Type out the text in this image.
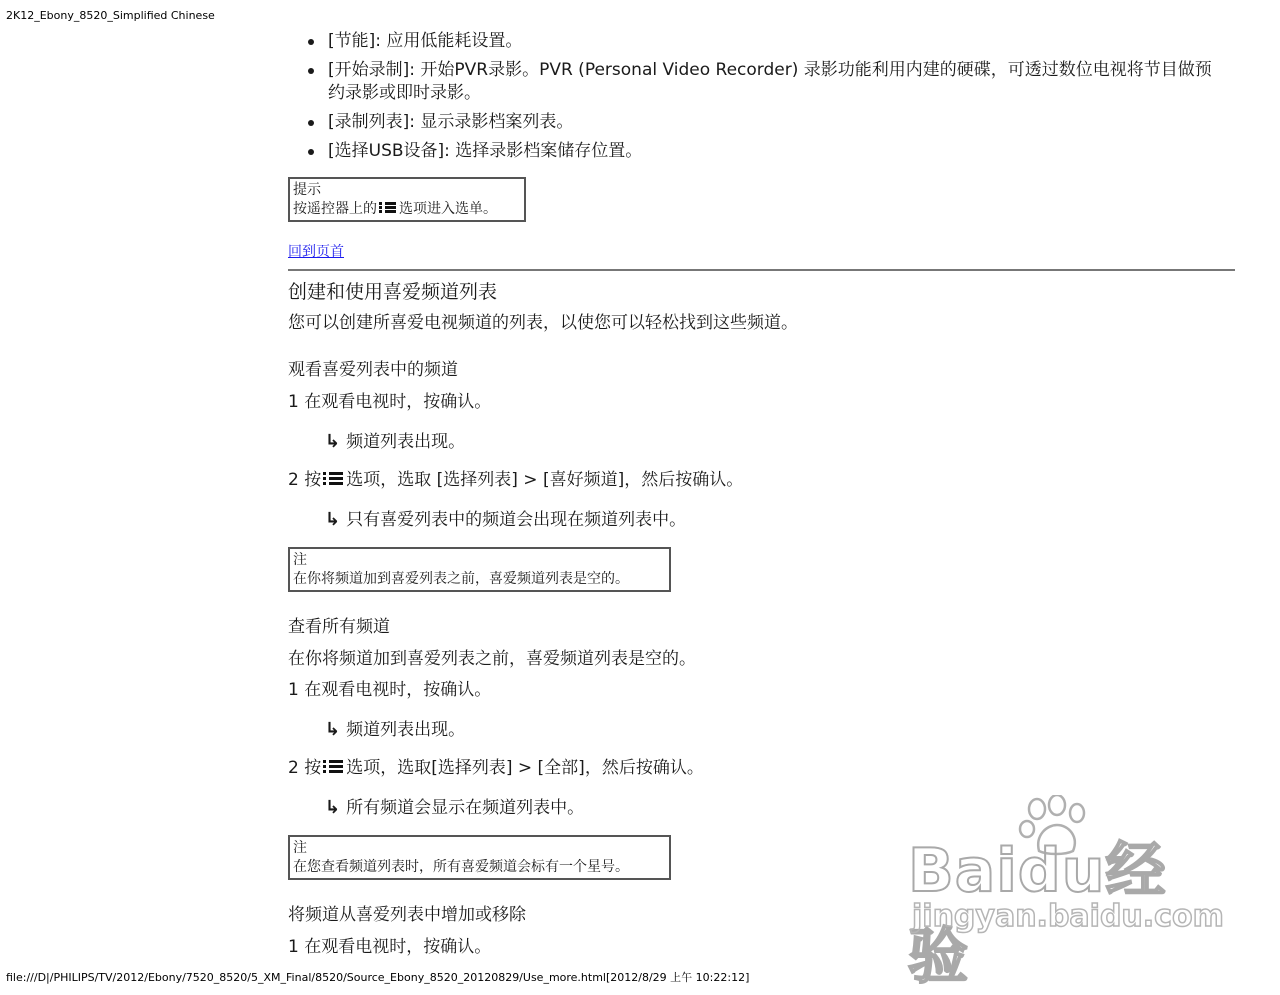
2K12_Ebony_8520_Simplified Chinese
[节能]: 应用低能耗设置。
[开始录制]: 开始PVR录影。PVR (Personal Video Recorder) 录影功能利用内建的硬碟，可透过数位电视将节目做预约录影或即时录影。
[录制列表]: 显示录影档案列表。
[选择USB设备]: 选择录影档案储存位置。
提示
按遥控器上的 选项进入选单。
回到页首
创建和使用喜爱频道列表
您可以创建所喜爱电视频道的列表，以使您可以轻松找到这些频道。
观看喜爱列表中的频道
1 在观看电视时，按确认。
↳ 频道列表出现。
2 按 选项，选取 [选择列表] > [喜好频道]，然后按确认。
↳ 只有喜爱列表中的频道会出现在频道列表中。
注
在你将频道加到喜爱列表之前，喜爱频道列表是空的。
查看所有频道
在你将频道加到喜爱列表之前，喜爱频道列表是空的。
1 在观看电视时，按确认。
↳ 频道列表出现。
2 按 选项，选取[选择列表] > [全部]，然后按确认。
↳ 所有频道会显示在频道列表中。
注
在您查看频道列表时，所有喜爱频道会标有一个星号。
将频道从喜爱列表中增加或移除
1 在观看电视时，按确认。
Baidu经验
jingyan.baidu.com
file:///D|/PHILIPS/TV/2012/Ebony/7520_8520/5_XM_Final/8520/Source_Ebony_8520_20120829/Use_more.html[2012/8/29 上午 10:22:12]
